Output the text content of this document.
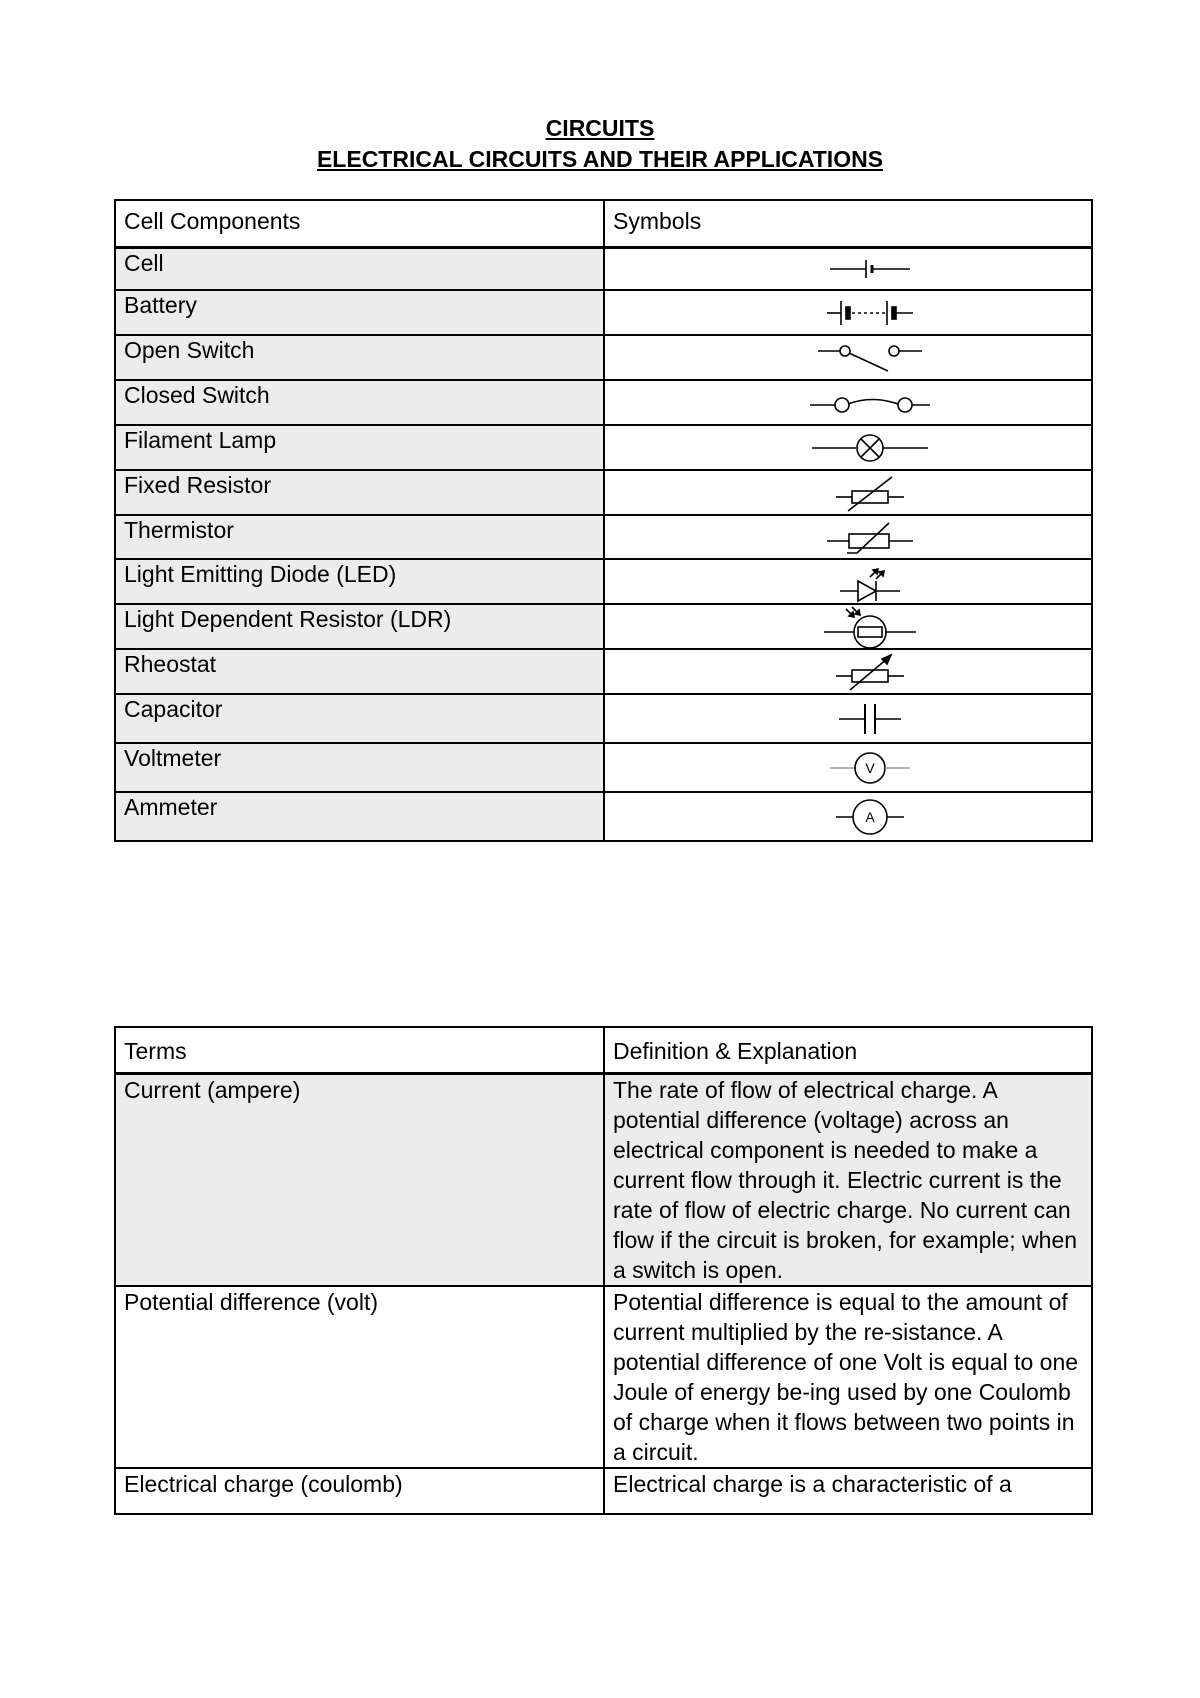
CIRCUITS
ELECTRICAL CIRCUITS AND THEIR APPLICATIONS
Cell Components	Symbols
Cell	

Battery	

Open Switch	

Closed Switch	

Filament Lamp	

Fixed Resistor	

Thermistor	

Light Emitting Diode (LED)	

Light Dependent Resistor (LDR)	

Rheostat	

Capacitor	

Voltmeter	V

Ammeter	A
Terms	Definition & Explanation
Current (ampere)	The rate of flow of electrical charge. A potential difference (voltage) across an electrical component is needed to make a current flow through it. Electric current is the rate of flow of electric charge. No current can flow if the circuit is broken, for example; when a switch is open.
Potential difference (volt)	Potential difference is equal to the amount of current multiplied by the re-sistance. A potential difference of one Volt is equal to one Joule of energy be-ing used by one Coulomb of charge when it flows between two points in a circuit.
Electrical charge (coulomb)	Electrical charge is a characteristic of a
